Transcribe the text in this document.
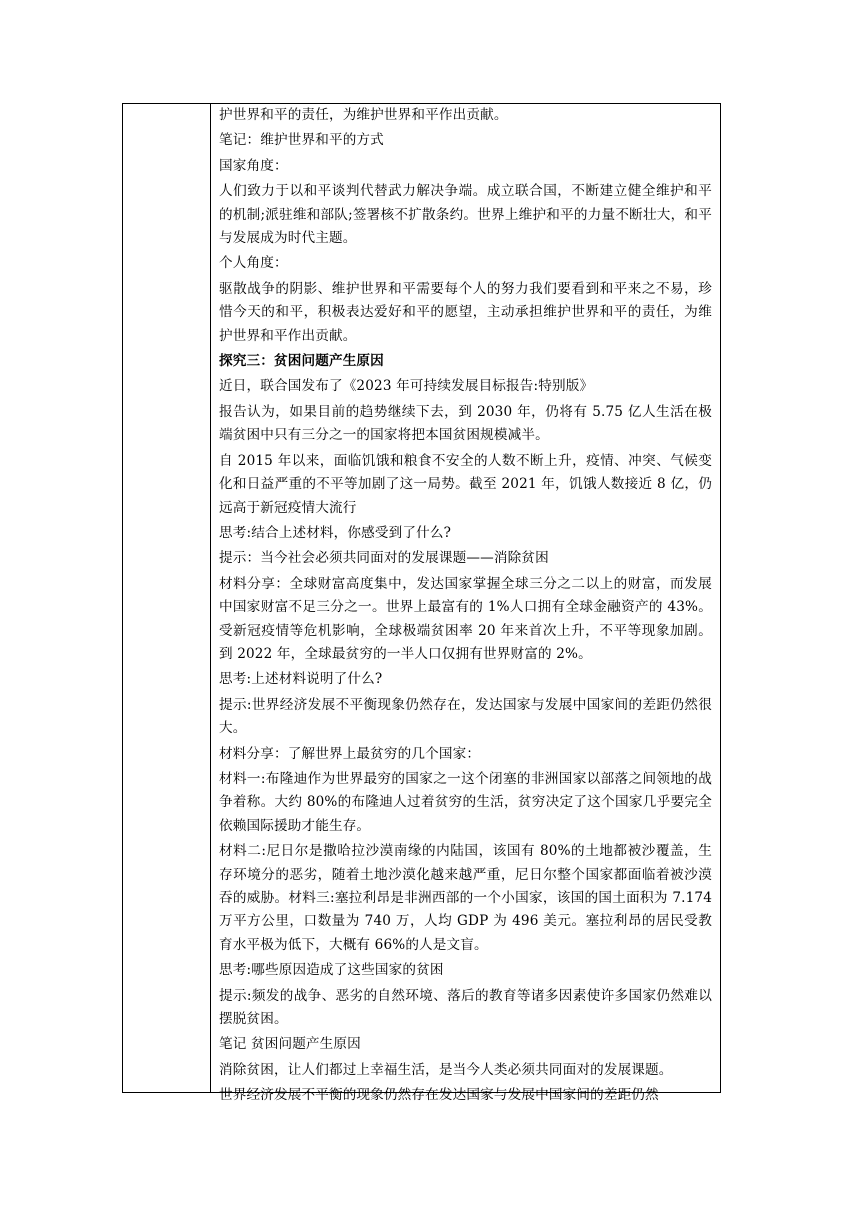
护世界和平的责任，为维护世界和平作出贡献。

笔记：维护世界和平的方式

国家角度：

人们致力于以和平谈判代替武力解决争端。成立联合国，不断建立健全维护和平的机制;派驻维和部队;签署核不扩散条约。世界上维护和平的力量不断壮大，和平与发展成为时代主题。

个人角度：

驱散战争的阴影、维护世界和平需要每个人的努力我们要看到和平来之不易，珍惜今天的和平，积极表达爱好和平的愿望，主动承担维护世界和平的责任，为维护世界和平作出贡献。

探究三：贫困问题产生原因

近日，联合国发布了《2023 年可持续发展目标报告:特别版》

报告认为，如果目前的趋势继续下去，到 2030 年，仍将有 5.75 亿人生活在极端贫困中只有三分之一的国家将把本国贫困规模减半。

自 2015 年以来，面临饥饿和粮食不安全的人数不断上升，疫情、冲突、气候变化和日益严重的不平等加剧了这一局势。截至 2021 年，饥饿人数接近 8 亿，仍远高于新冠疫情大流行

思考:结合上述材料，你感受到了什么?

提示：当今社会必须共同面对的发展课题——消除贫困

材料分享：全球财富高度集中，发达国家掌握全球三分之二以上的财富，而发展中国家财富不足三分之一。世界上最富有的 1%人口拥有全球金融资产的 43%。受新冠疫情等危机影响，全球极端贫困率 20 年来首次上升，不平等现象加剧。到 2022 年，全球最贫穷的一半人口仅拥有世界财富的 2%。

思考:上述材料说明了什么?

提示:世界经济发展不平衡现象仍然存在，发达国家与发展中国家间的差距仍然很大。

材料分享：了解世界上最贫穷的几个国家：

材料一:布隆迪作为世界最穷的国家之一这个闭塞的非洲国家以部落之间领地的战争着称。大约 80%的布隆迪人过着贫穷的生活，贫穷决定了这个国家几乎要完全依赖国际援助才能生存。

材料二:尼日尔是撒哈拉沙漠南缘的内陆国，该国有 80%的土地都被沙覆盖，生存环境分的恶劣，随着土地沙漠化越来越严重，尼日尔整个国家都面临着被沙漠吞的威胁。材料三:塞拉利昂是非洲西部的一个小国家，该国的国土面积为 7.174 万平方公里，口数量为 740 万，人均 GDP 为 496 美元。塞拉利昂的居民受教育水平极为低下，大概有 66%的人是文盲。

思考:哪些原因造成了这些国家的贫困

提示:频发的战争、恶劣的自然环境、落后的教育等诸多因素使许多国家仍然难以摆脱贫困。

笔记 贫困问题产生原因

消除贫困，让人们都过上幸福生活，是当今人类必须共同面对的发展课题。

世界经济发展不平衡的现象仍然存在发达国家与发展中国家间的差距仍然
